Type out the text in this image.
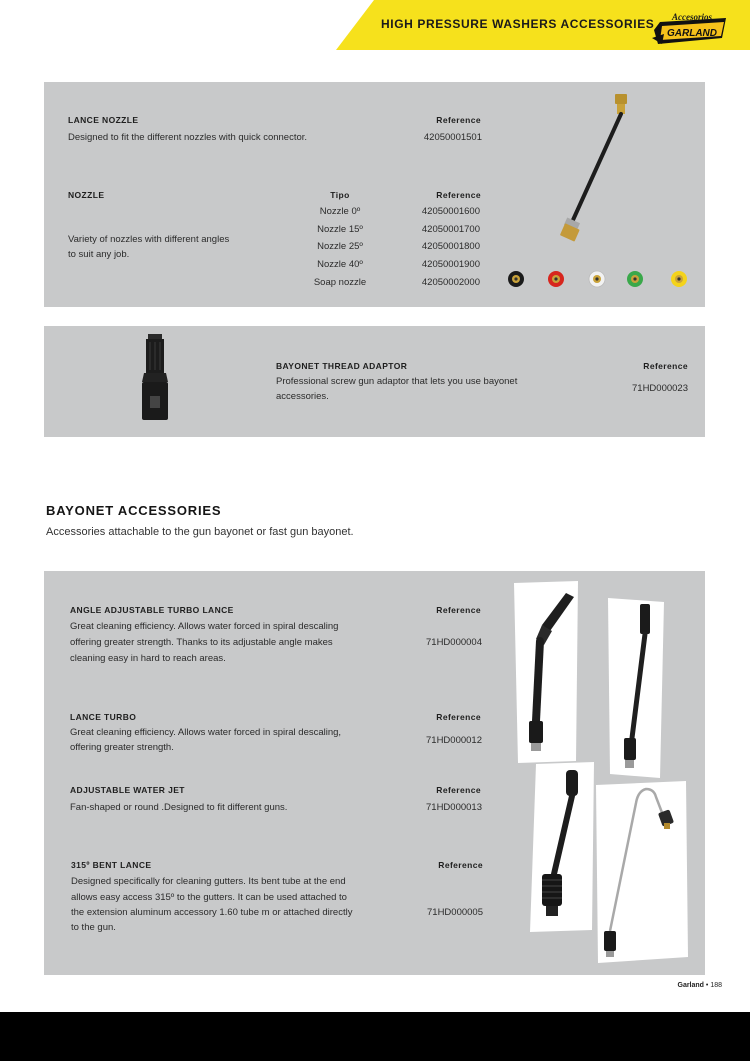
HIGH PRESSURE WASHERS ACCESSORIES Accesorios
GARLAND
LANCE NOZZLE
Designed to fit the different nozzles with quick connector.
Reference
42050001501
NOZZLE	Tipo	Reference
Variety of nozzles with different angles
to suit any job.
Nozzle 0º
Nozzle 15º
Nozzle 25º
Nozzle 40º
Soap nozzle
42050001600
42050001700
42050001800
42050001900
42050002000
BAYONET THREAD ADAPTOR
Professional screw gun adaptor that lets you use bayonet
accessories.
Reference
71HD000023
BAYONET ACCESSORIES
Accessories attachable to the gun bayonet or fast gun bayonet.
ANGLE ADJUSTABLE TURBO LANCE
Great cleaning efficiency. Allows water forced in spiral descaling
offering greater strength. Thanks to its adjustable angle makes
cleaning easy in hard to reach areas.
Reference
71HD000004
LANCE TURBO
Great cleaning efficiency. Allows water forced in spiral descaling,
offering greater strength.
Reference
71HD000012
ADJUSTABLE WATER JET
Fan-shaped or round .Designed to fit different guns.
Reference
71HD000013
315º BENT LANCE
Designed specifically for cleaning gutters. Its bent tube at the end
allows easy access 315º to the gutters. It can be used attached to
the extension aluminum accessory 1.60 tube m or attached directly
to the gun.
Reference
71HD000005
Garland • 188
